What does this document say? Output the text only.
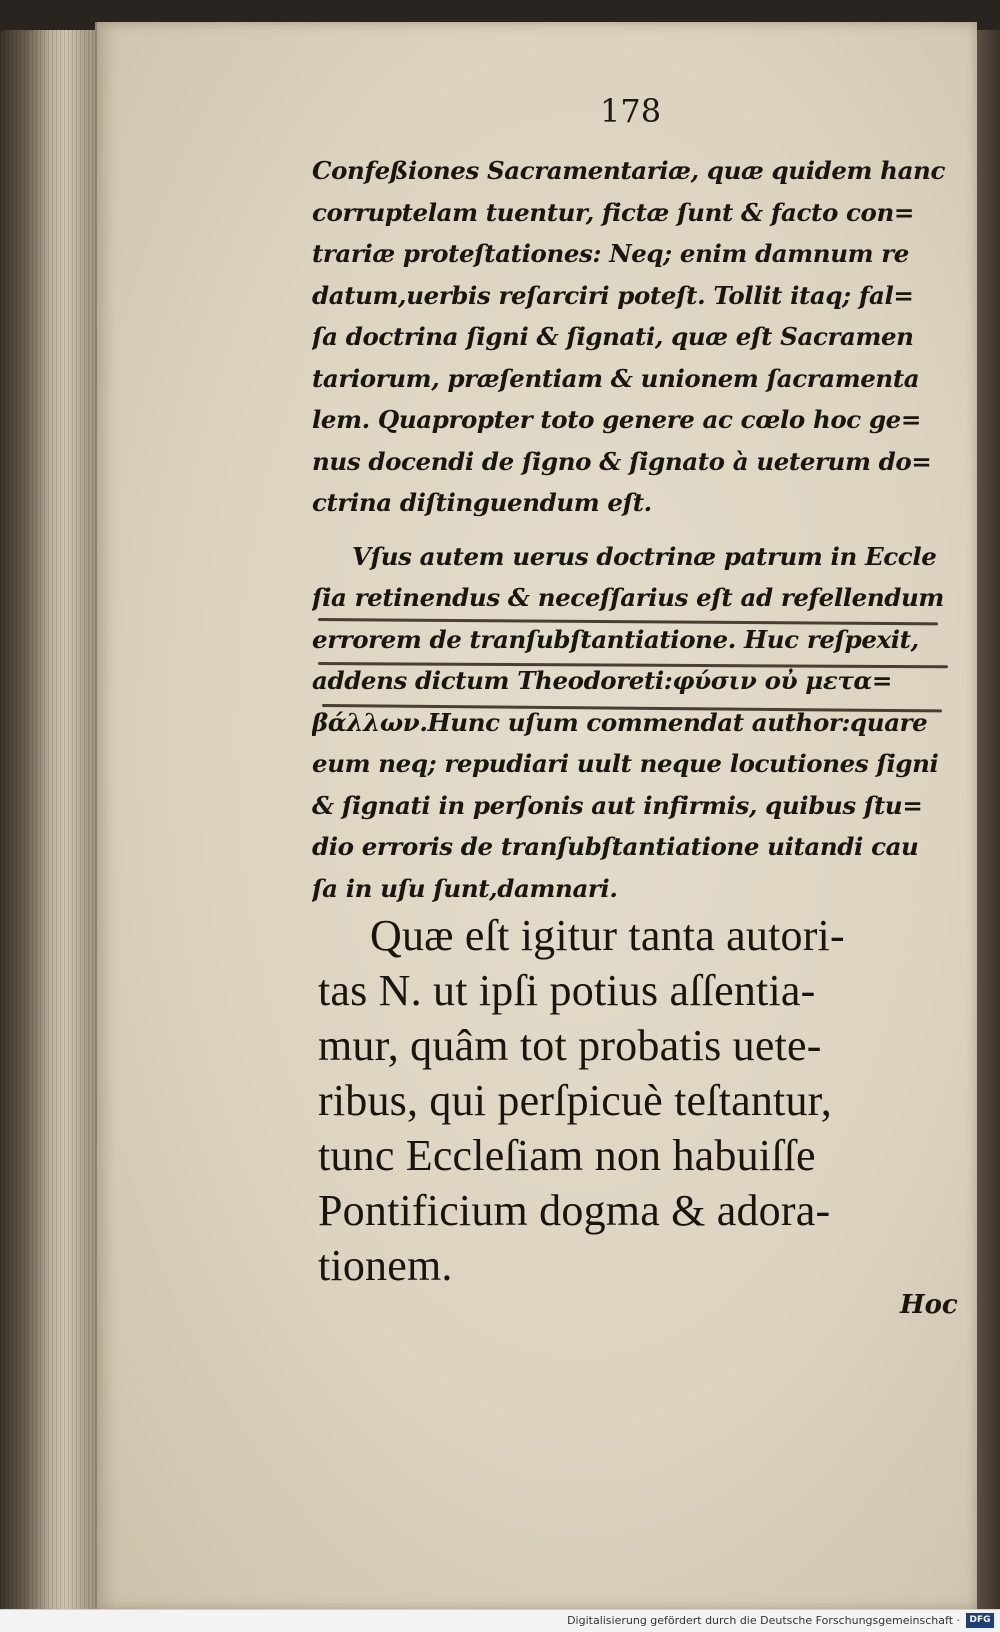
178
Confeßiones Sacramentariæ, quæ quidem hanc
corruptelam tuentur, fictæ ſunt & facto con=
trariæ proteſtationes: Neq; enim damnum re
datum,uerbis reſarciri poteſt. Tollit itaq; fal=
ſa doctrina ſigni & ſignati, quæ eſt Sacramen
tariorum, præſentiam & unionem ſacramenta
lem. Quapropter toto genere ac cœlo hoc ge=
nus docendi de ſigno & ſignato à ueterum do=
ctrina diſtinguendum eſt.
Vſus autem uerus doctrinæ patrum in Eccle
ſia retinendus & neceſſarius eſt ad refellendum
errorem de tranſubſtantiatione. Huc reſpexit,
addens dictum Theodoreti:φύσιν οὐ μετα=
βάλλων.Hunc uſum commendat author:quare
eum neq; repudiari uult neque locutiones ſigni
& ſignati in perſonis aut infirmis, quibus ſtu=
dio erroris de tranſubſtantiatione uitandi cau
ſa in uſu ſunt,damnari.
Quæ eſt igitur tanta autori-
tas N. ut ipſi potius aſſentia-
mur, quâm tot probatis uete-
ribus, qui perſpicuè teſtantur,
tunc Eccleſiam non habuiſſe
Pontificium dogma & adora-
tionem.
Hoc
Digitalisierung gefördert durch die Deutsche Forschungsgemeinschaft ·	DFG
